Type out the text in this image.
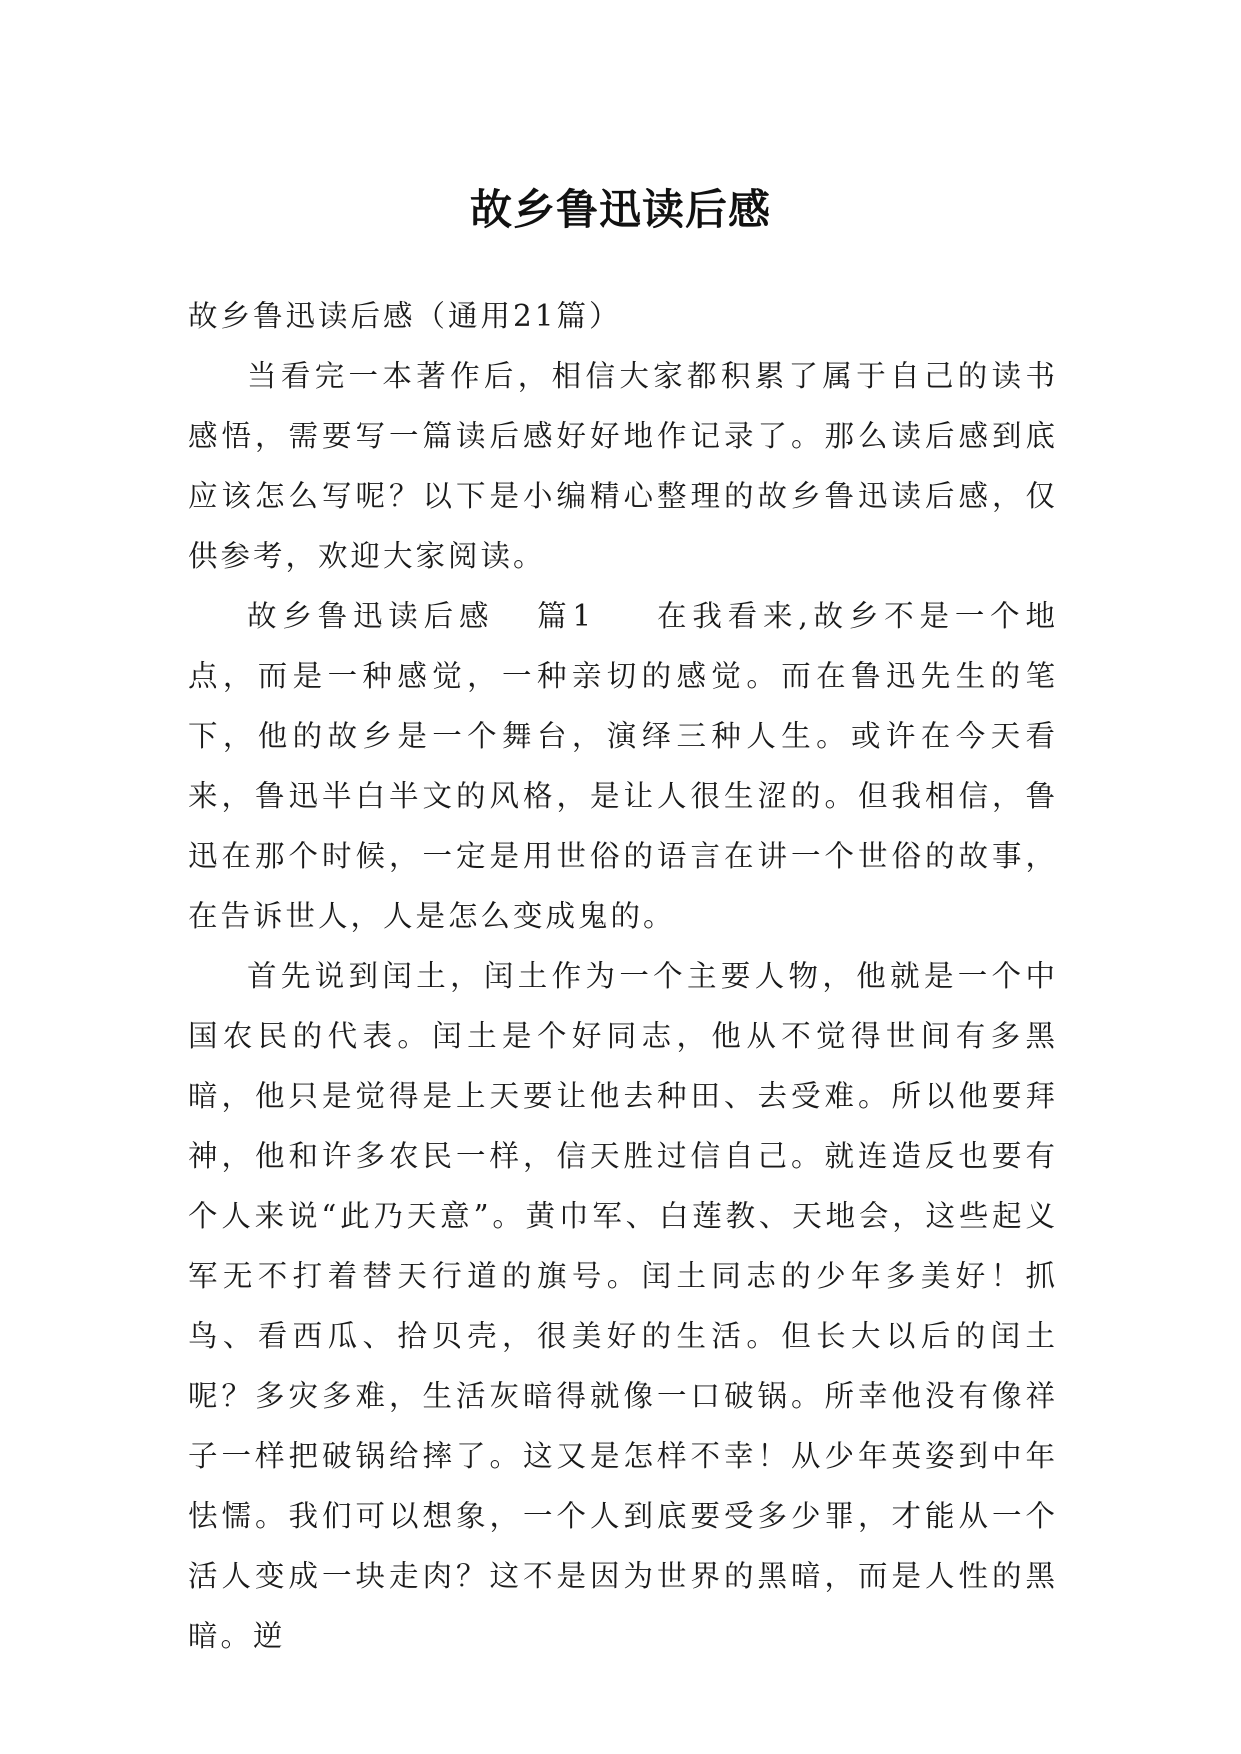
故乡鲁迅读后感

故乡鲁迅读后感（通用21篇）

当看完一本著作后，相信大家都积累了属于自己的读书感悟，需要写一篇读后感好好地作记录了。那么读后感到底应该怎么写呢？以下是小编精心整理的故乡鲁迅读后感，仅供参考，欢迎大家阅读。

故乡鲁迅读后感 篇1 在我看来,故乡不是一个地点，而是一种感觉，一种亲切的感觉。而在鲁迅先生的笔下，他的故乡是一个舞台，演绎三种人生。或许在今天看来，鲁迅半白半文的风格，是让人很生涩的。但我相信，鲁迅在那个时候，一定是用世俗的语言在讲一个世俗的故事，在告诉世人，人是怎么变成鬼的。

首先说到闰土，闰土作为一个主要人物，他就是一个中国农民的代表。闰土是个好同志，他从不觉得世间有多黑暗，他只是觉得是上天要让他去种田、去受难。所以他要拜神，他和许多农民一样，信天胜过信自己。就连造反也要有个人来说“此乃天意”。黄巾军、白莲教、天地会，这些起义军无不打着替天行道的旗号。闰土同志的少年多美好！抓鸟、看西瓜、拾贝壳，很美好的生活。但长大以后的闰土呢？多灾多难，生活灰暗得就像一口破锅。所幸他没有像祥子一样把破锅给摔了。这又是怎样不幸！从少年英姿到中年怯懦。我们可以想象，一个人到底要受多少罪，才能从一个活人变成一块走肉？这不是因为世界的黑暗，而是人性的黑暗。逆
